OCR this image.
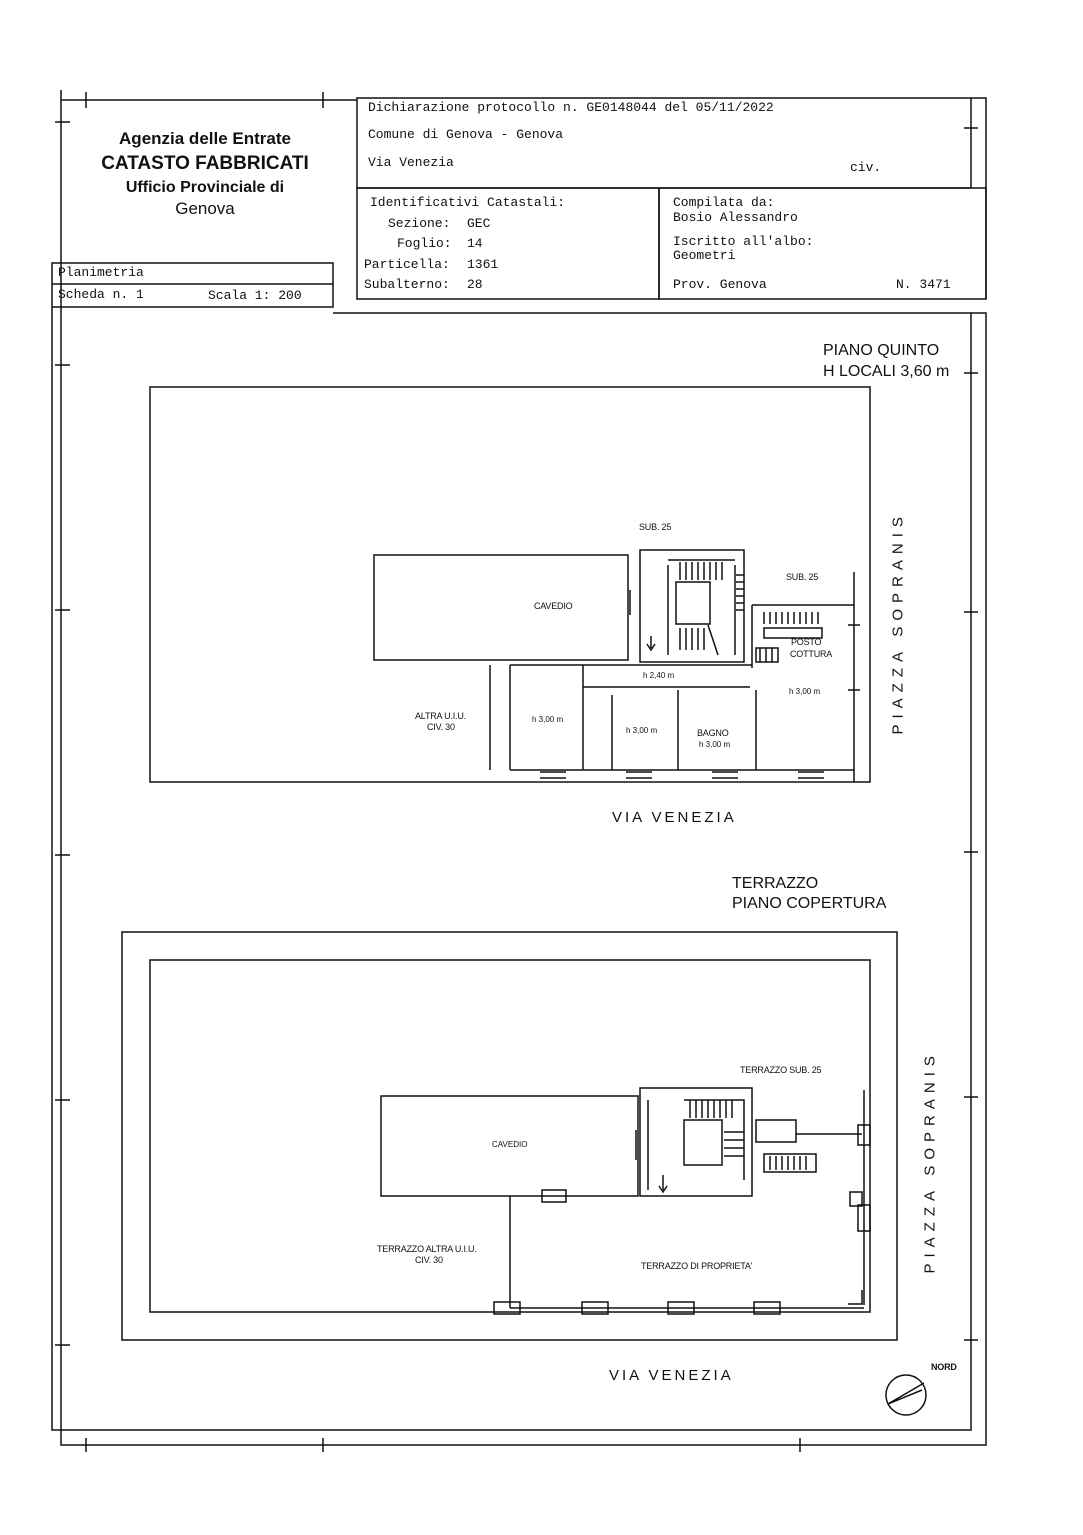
Agenzia delle Entrate
CATASTO FABBRICATI
Ufficio Provinciale di
Genova
Dichiarazione protocollo n. GE0148044 del 05/11/2022
Comune di Genova - Genova
Via Venezia	civ.
Identificativi Catastali:
Sezione: GEC
Foglio: 14
Particella: 1361
Subalterno: 28
Compilata da:
Bosio Alessandro
Iscritto all'albo:
Geometri
Prov. Genova	N. 3471
Planimetria
Scheda n. 1	Scala 1: 200
PIANO QUINTO
H LOCALI 3,60 m
SUB. 25
SUB. 25
CAVEDIO
POSTO
COTTURA
h 2,40 m
h 3,00 m
ALTRA U.I.U.
CIV. 30
h 3,00 m
h 3,00 m	BAGNO
h 3,00 m
VIA VENEZIA
PIAZZA SOPRANIS
TERRAZZO
PIANO COPERTURA
TERRAZZO SUB. 25
CAVEDIO
TERRAZZO ALTRA U.I.U.
CIV. 30
TERRAZZO DI PROPRIETA'
VIA VENEZIA
PIAZZA SOPRANIS
NORD
